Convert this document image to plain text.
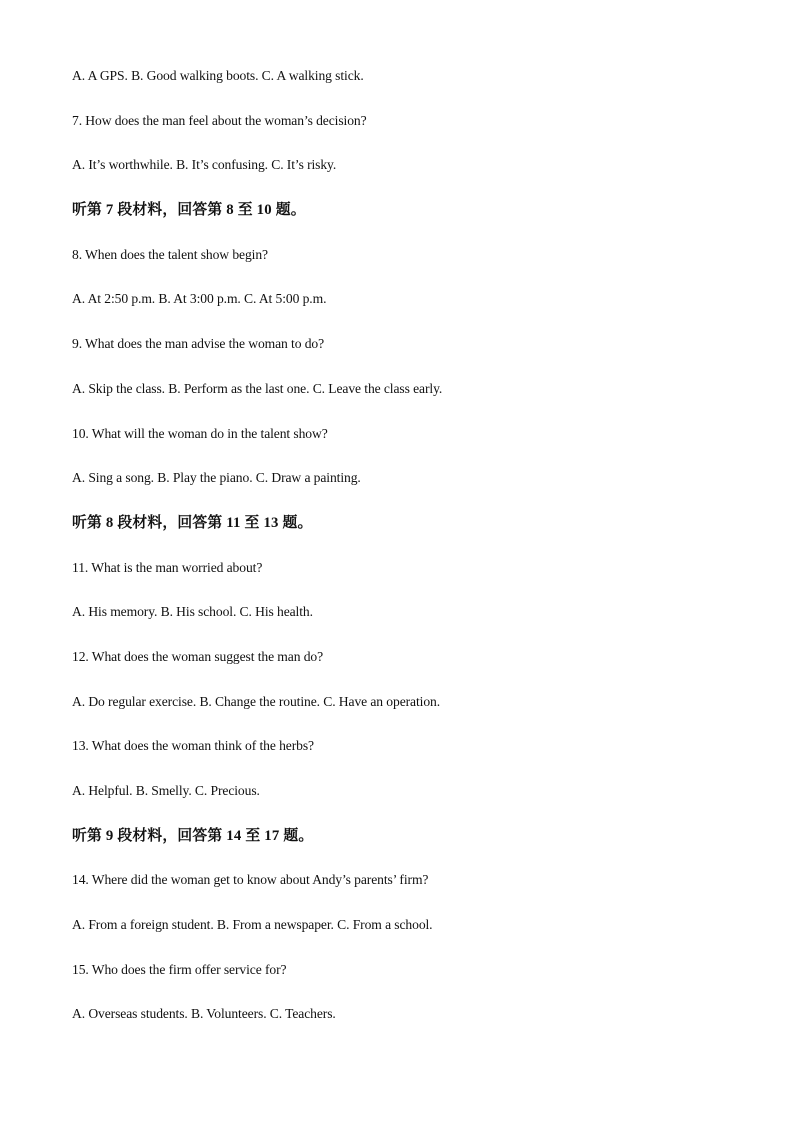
A. A GPS. B. Good walking boots. C. A walking stick.

7. How does the man feel about the woman’s decision?

A. It’s worthwhile. B. It’s confusing. C. It’s risky.

听第 7 段材料，回答第 8 至 10 题。

8. When does the talent show begin?

A. At 2:50 p.m. B. At 3:00 p.m. C. At 5:00 p.m.

9. What does the man advise the woman to do?

A. Skip the class. B. Perform as the last one. C. Leave the class early.

10. What will the woman do in the talent show?

A. Sing a song. B. Play the piano. C. Draw a painting.

听第 8 段材料，回答第 11 至 13 题。

11. What is the man worried about?

A. His memory. B. His school. C. His health.

12. What does the woman suggest the man do?

A. Do regular exercise. B. Change the routine. C. Have an operation.

13. What does the woman think of the herbs?

A. Helpful. B. Smelly. C. Precious.

听第 9 段材料，回答第 14 至 17 题。

14. Where did the woman get to know about Andy’s parents’ firm?

A. From a foreign student. B. From a newspaper. C. From a school.

15. Who does the firm offer service for?

A. Overseas students. B. Volunteers. C. Teachers.
